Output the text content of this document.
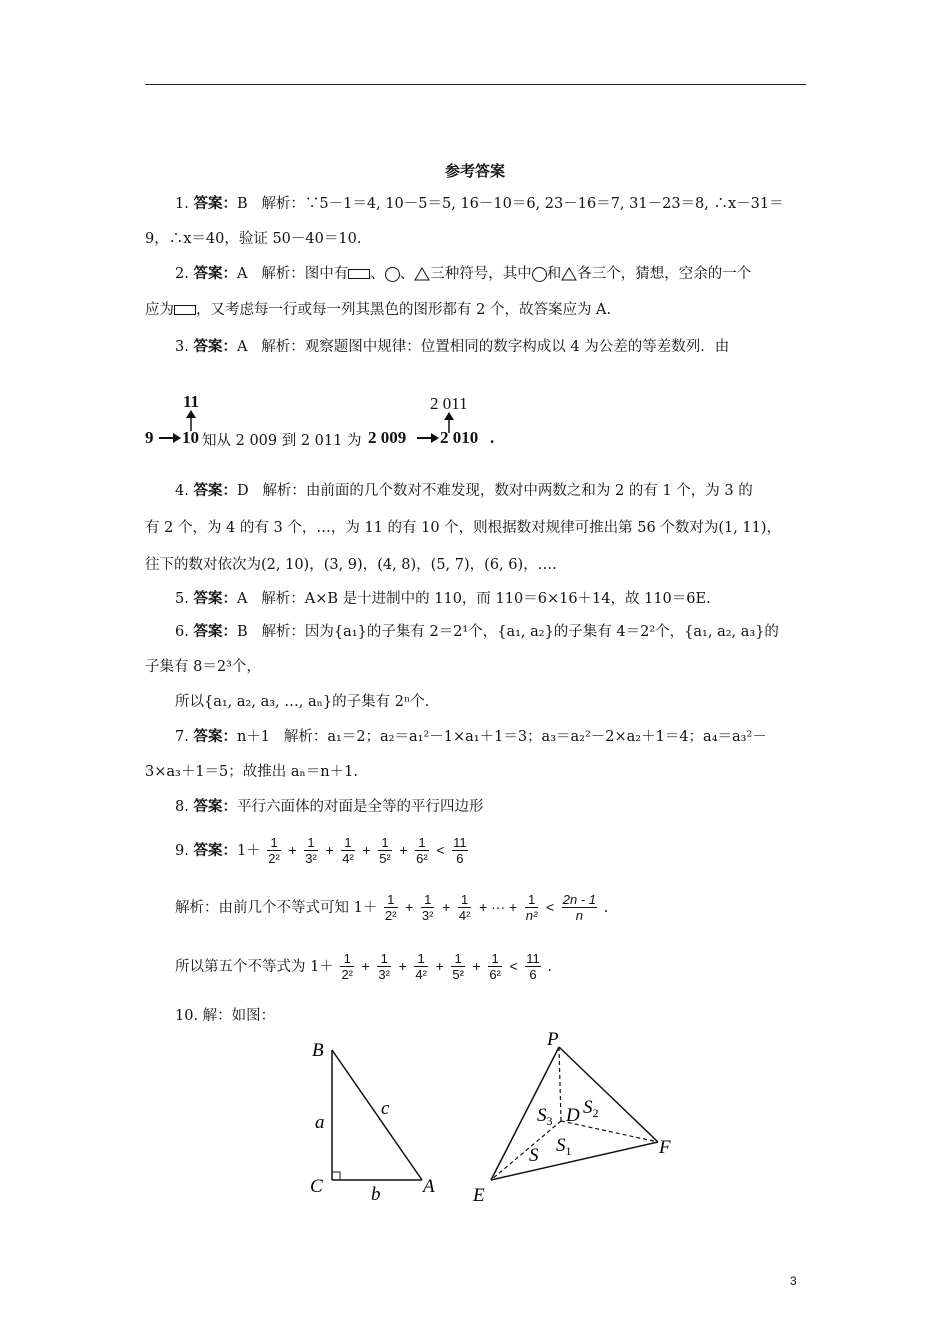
参考答案
1. 答案：B 解析：∵5－1＝4, 10－5＝5, 16－10＝6, 23－16＝7, 31－23＝8, ∴x－31＝
9，∴x＝40，验证 50－40＝10.
2. 答案：A 解析：图中有 、 、 三种符号，其中 和 各三个，猜想，空余的一个
应为 ，又考虑每一行或每一列其黑色的图形都有 2 个，故答案应为 A.
3. 答案：A 解析：观察题图中规律：位置相同的数字构成以 4 为公差的等差数列．由
9 10
11
知从 2 009 到 2 011 为 2 009 2 010 .
2 011
4. 答案：D 解析：由前面的几个数对不难发现，数对中两数之和为 2 的有 1 个，为 3 的
有 2 个，为 4 的有 3 个，…，为 11 的有 10 个，则根据数对规律可推出第 56 个数对为(1, 11)，
往下的数对依次为(2, 10)，(3, 9)，(4, 8)，(5, 7)，(6, 6)，….
5. 答案：A 解析：A×B 是十进制中的 110，而 110＝6×16＋14，故 110＝6E.
6. 答案：B 解析：因为{a₁}的子集有 2＝2¹个，{a₁, a₂}的子集有 4＝2²个，{a₁, a₂, a₃}的
子集有 8＝2³个，
所以{a₁, a₂, a₃, …, aₙ}的子集有 2ⁿ个.
7. 答案：n＋1 解析：a₁＝2；a₂＝a₁²－1×a₁＋1＝3；a₃＝a₂²－2×a₂＋1＝4；a₄＝a₃²－
3×a₃＋1＝5；故推出 aₙ＝n＋1.
8. 答案：平行六面体的对面是全等的平行四边形
9. 答案：$1+ \frac{1}{\text{2²}} + \frac{1}{\text{3²}} + \frac{1}{\text{4²}} + \frac{1}{\text{5²}} + \frac{1}{\text{6²}} < \frac{11}{6}$
解析：由前几个不等式可知 $1+ \frac{1}{\text{2²}} + \frac{1}{\text{3²}} + \frac{1}{\text{4²}}$ + ··· + $\frac{1}{\text{n²}} < \frac{2n - 1}{n}$ .
所以第五个不等式为 $1+ \frac{1}{\text{2²}} + \frac{1}{\text{3²}} + \frac{1}{\text{4²}} + \frac{1}{\text{5²}} + \frac{1}{\text{6²}} < \frac{11}{6}$ .
10. 解：如图：
B
C	A
a
b
c
P
D
E
F
S
$S_3$
$S_2$
$S_1$
3
